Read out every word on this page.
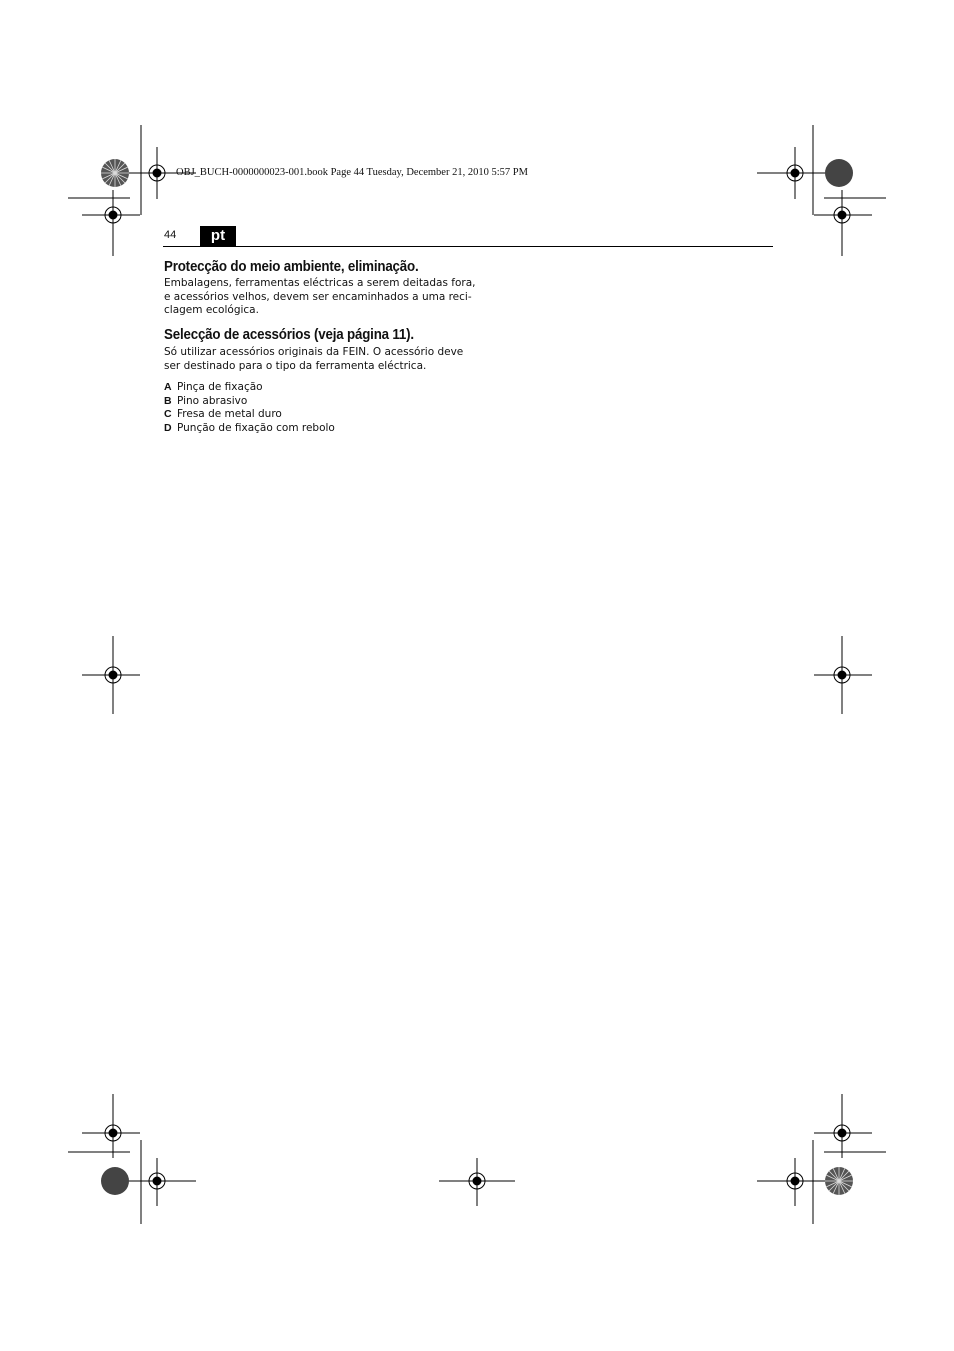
OBJ_BUCH-0000000023-001.book Page 44 Tuesday, December 21, 2010 5:57 PM
44	pt
Protecção do meio ambiente, eliminação.
Embalagens, ferramentas eléctricas a serem deitadas fora,
e acessórios velhos, devem ser encaminhados a uma reci-
clagem ecológica.
Selecção de acessórios (veja página 11).
Só utilizar acessórios originais da FEIN. O acessório deve
ser destinado para o tipo da ferramenta eléctrica.
A Pinça de fixação
B Pino abrasivo
C Fresa de metal duro
D Punção de fixação com rebolo
